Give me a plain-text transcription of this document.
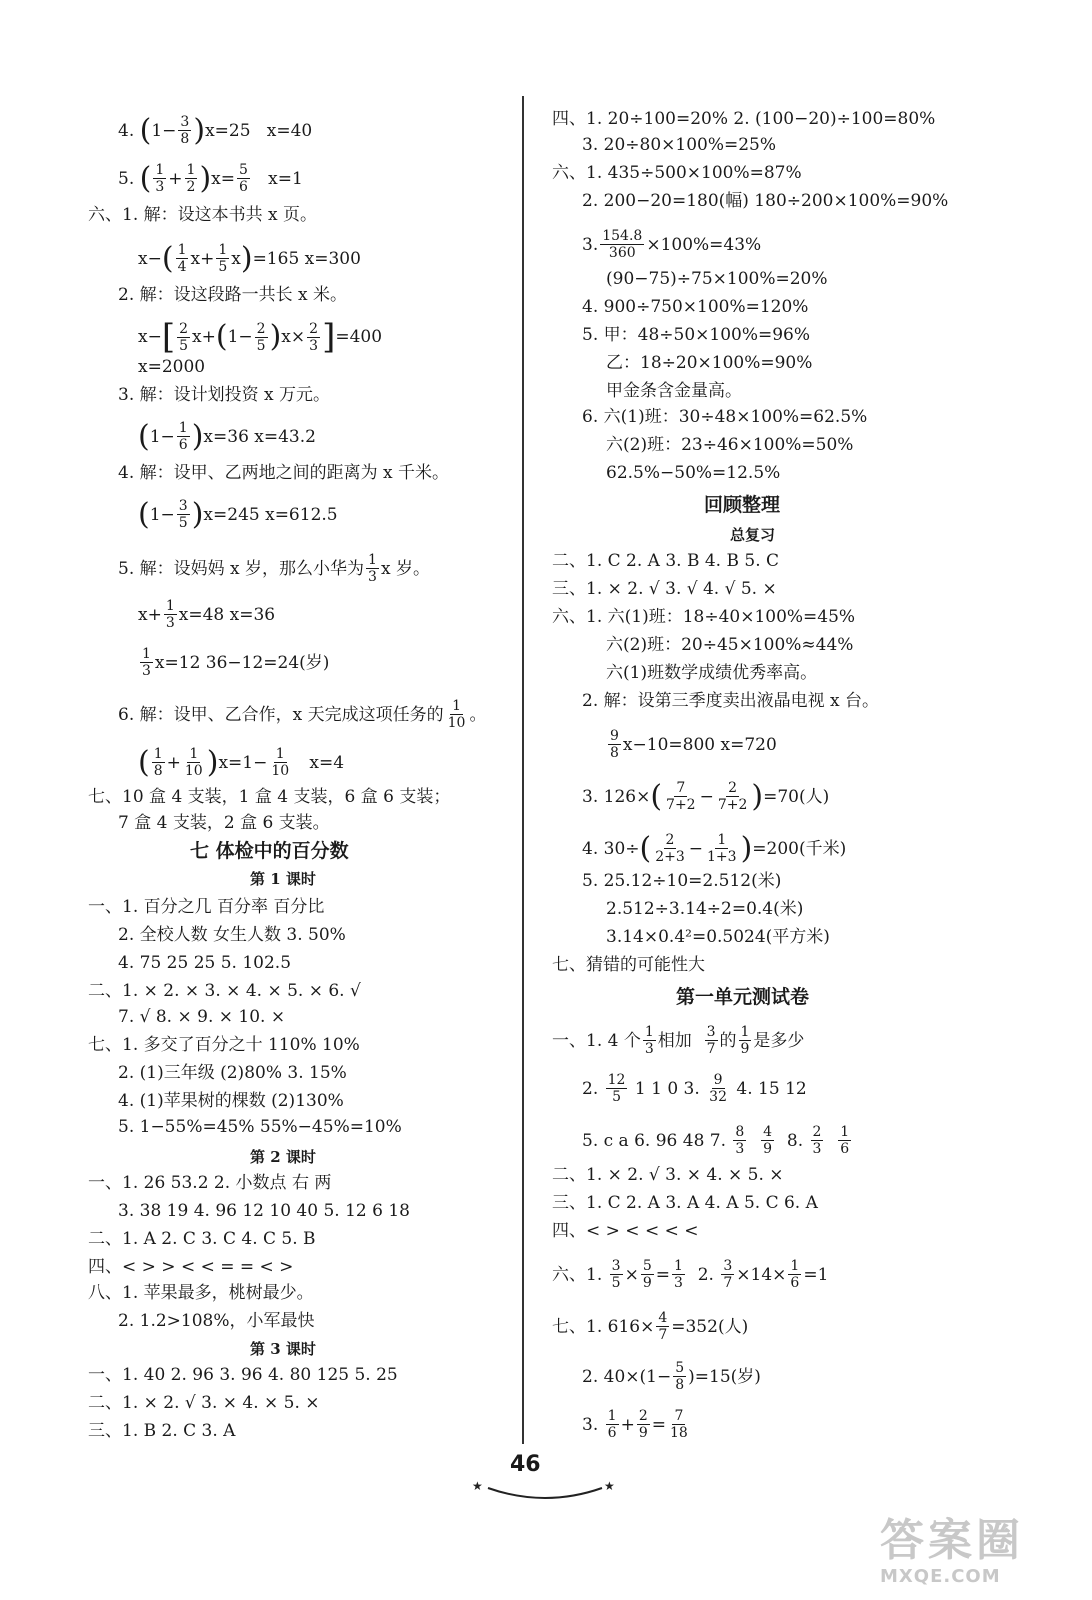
4.
( $1- \frac{3}{8}$ ) x=25
x=40
5.
( $\frac{1}{3} + \frac{1}{2}$ ) $x= \frac{5}{6}$
x=1
六、1. 解：设这本书共 x 页。
x− ( $\frac{1}{4} x+ \frac{1}{5}$ x ) =165 x=300
2. 解：设这段路一共长 x 米。
x− [ $\frac{2}{5} x+$ ( $1- \frac{2}{5}$ ) $x\times \frac{2}{3}$ ] =400
x=2000
3. 解：设计划投资 x 万元。
( $1- \frac{1}{6}$ ) x=36 x=43.2
4. 解：设甲、乙两地之间的距离为 x 千米。
( $1- \frac{3}{5}$ ) x=245 x=612.5
5. 解：设妈妈 x 岁，那么小华为 $\frac{1}{3}$ x 岁。
$x+ \frac{1}{3} x=48$ x=36
$\frac{1}{3} x=12$ 36−12=24(岁)
6. 解：设甲、乙合作，x 天完成这项任务的 $\frac{1}{10}$ 。
( $\frac{1}{8} + \frac{1}{10}$ ) $x=1- \frac{1}{10}$
x=4
七、10 盒 4 支装，1 盒 4 支装，6 盒 6 支装；
7 盒 4 支装，2 盒 6 支装。
七 体检中的百分数
第 1 课时
一、1. 百分之几 百分率 百分比
2. 全校人数 女生人数 3. 50%
4. 75 25 25 5. 102.5
二、1. × 2. × 3. × 4. × 5. × 6. √
7. √ 8. × 9. × 10. ×
七、1. 多交了百分之十 110% 10%
2. (1)三年级 (2)80% 3. 15%
4. (1)苹果树的棵数 (2)130%
5. 1−55%=45% 55%−45%=10%
第 2 课时
一、1. 26 53.2 2. 小数点 右 两
3. 38 19 4. 96 12 10 40 5. 12 6 18
二、1. A 2. C 3. C 4. C 5. B
四、< > > < < = = < >
八、1. 苹果最多，桃树最少。
2. 1.2>108%，小军最快
第 3 课时
一、1. 40 2. 96 3. 96 4. 80 125 5. 25
二、1. × 2. √ 3. × 4. × 5. ×
三、1. B 2. C 3. A
四、1. 20÷100=20% 2. (100−20)÷100=80%
3. 20÷80×100%=25%
六、1. 435÷500×100%=87%
2. 200−20=180(幅) 180÷200×100%=90%
3. $\frac{154.8}{360} \times 100\%=43\%$
(90−75)÷75×100%=20%
4. 900÷750×100%=120%
5. 甲：48÷50×100%=96%
乙：18÷20×100%=90%
甲金条含金量高。
6. 六(1)班：30÷48×100%=62.5%
六(2)班：23÷46×100%=50%
62.5%−50%=12.5%
回顾整理
总复习
二、1. C 2. A 3. B 4. B 5. C
三、1. × 2. √ 3. √ 4. √ 5. ×
六、1. 六(1)班：18÷40×100%=45%
六(2)班：20÷45×100%≈44%
六(1)班数学成绩优秀率高。
2. 解：设第三季度卖出液晶电视 x 台。
$\frac{9}{8} x-10=800$ x=720
3. 126× ( $\frac{7}{7+2} - \frac{2}{7+2}$ ) =70(人)
4. 30÷ ( $\frac{2}{2+3} - \frac{1}{1+3}$ ) =200(千米)
5. 25.12÷10=2.512(米)
2.512÷3.14÷2=0.4(米)
3.14×0.4²=0.5024(平方米)
七、猜错的可能性大
第一单元测试卷
一、1. 4 个 $\frac{1}{3}$ 相加
$\frac{3}{7}$ 的 $\frac{1}{9}$ 是多少
2.
$\frac{12}{5}$
1 1 0 3.
$\frac{9}{32}$
4. 15 12
5. c a 6. 96 48 7.
$\frac{8}{3}$
$\frac{4}{9}$
8.
$\frac{2}{3}$
$\frac{1}{6}$
二、1. × 2. √ 3. × 4. × 5. ×
三、1. C 2. A 3. A 4. A 5. C 6. A
四、< > < < < <
六、1.
$\frac{3}{5} \times \frac{5}{9} = \frac{1}{3}$
2.
$\frac{3}{7} \times 14\times \frac{1}{6} =1$
七、1. $616\times \frac{4}{7} =352$(人)
2. $40\times(1- \frac{5}{8} )=15$(岁)
3.
$\frac{1}{6} + \frac{2}{9} = \frac{7}{18}$
46
★	★
答案圈
MXQE.COM
